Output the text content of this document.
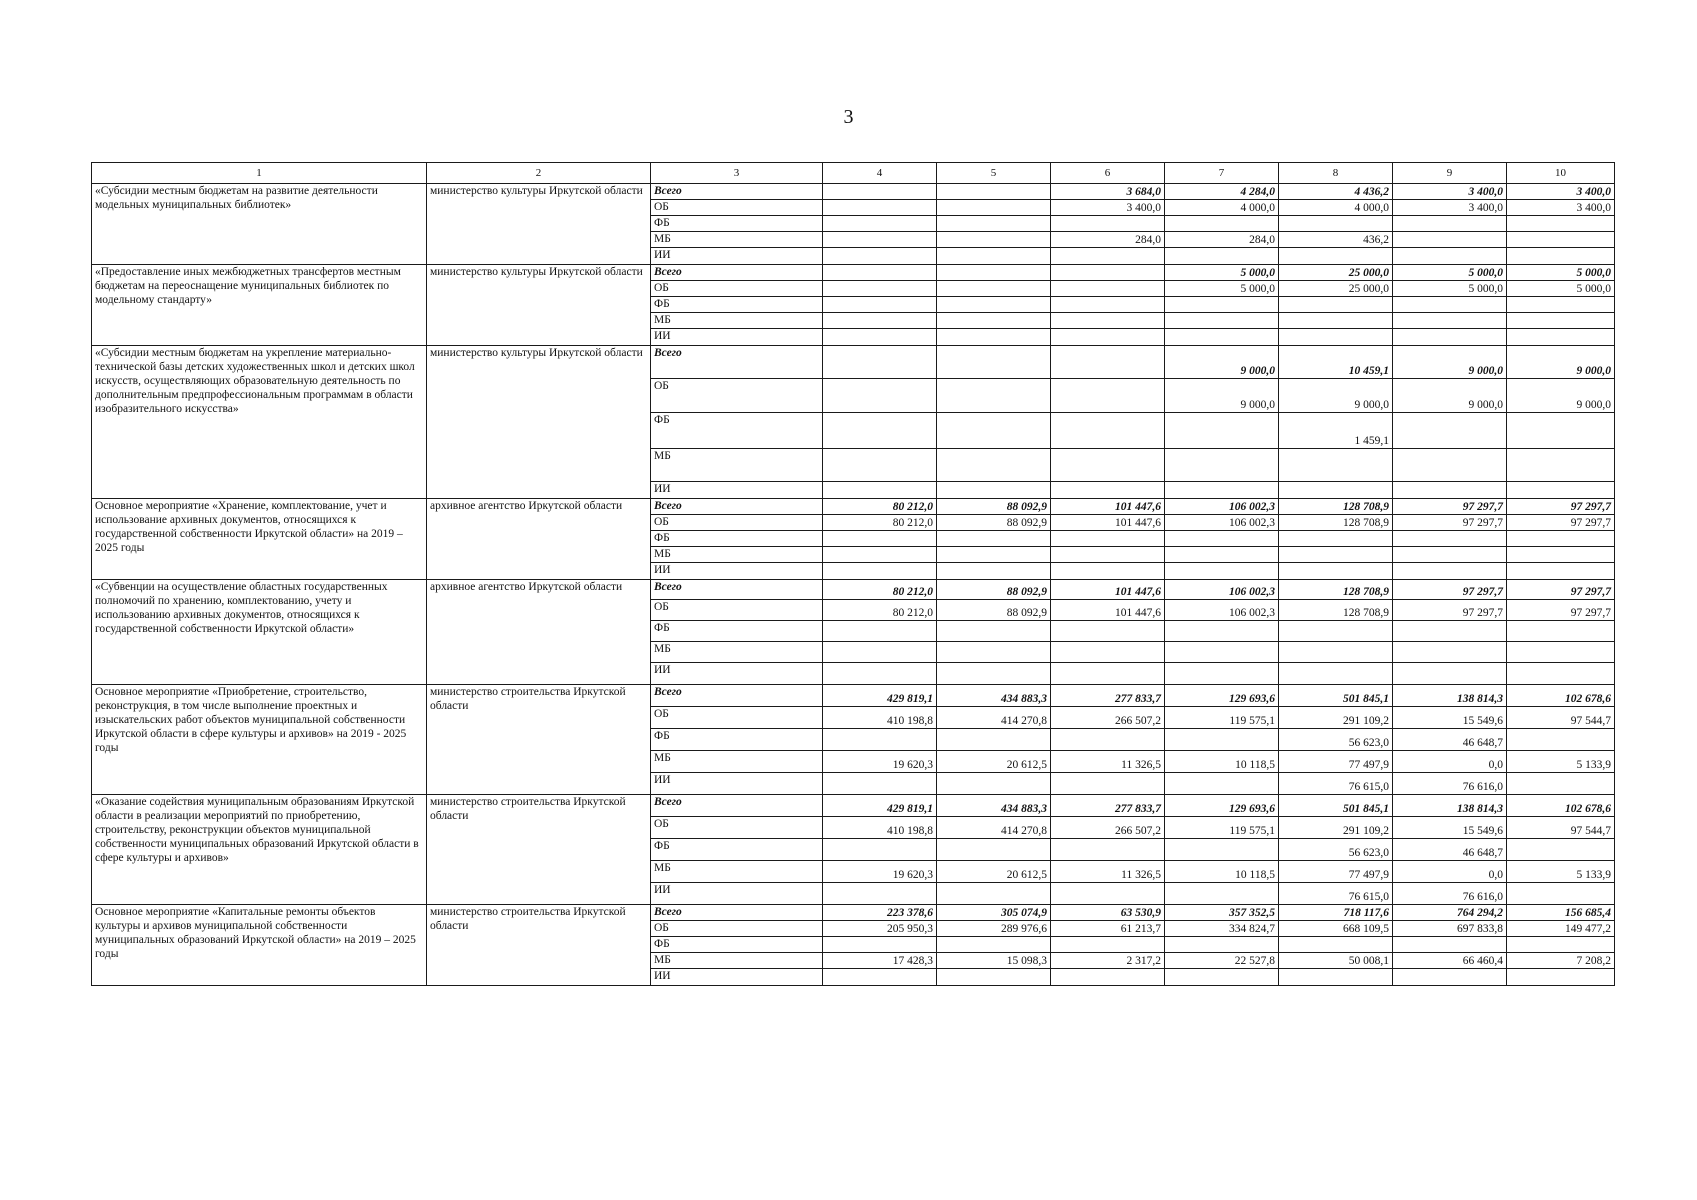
3
1	2	3	4	5	6	7	8	9	10
«Субсидии местным бюджетам на развитие деятельности модельных муниципальных библиотек»	министерство культуры Иркутской области	Всего			3 684,0	4 284,0	4 436,2	3 400,0	3 400,0
		ОБ			3 400,0	4 000,0	4 000,0	3 400,0	3 400,0
		ФБ							
		МБ			284,0	284,0	436,2		
		ИИ							
«Предоставление иных межбюджетных трансфертов местным бюджетам на переоснащение муниципальных библиотек по модельному стандарту»	министерство культуры Иркутской области	Всего				5 000,0	25 000,0	5 000,0	5 000,0
		ОБ				5 000,0	25 000,0	5 000,0	5 000,0
		ФБ							
		МБ							
		ИИ							
«Субсидии местным бюджетам на укрепление материально-технической базы детских художественных школ и детских школ искусств, осуществляющих образовательную деятельность по дополнительным предпрофессиональным программам в области изобразительного искусства»	министерство культуры Иркутской области	Всего				9 000,0	10 459,1	9 000,0	9 000,0
		ОБ				9 000,0	9 000,0	9 000,0	9 000,0
		ФБ					1 459,1		
		МБ							
		ИИ							
Основное мероприятие «Хранение, комплектование, учет и использование архивных документов, относящихся к государственной собственности Иркутской области» на 2019 – 2025 годы	архивное агентство Иркутской области	Всего	80 212,0	88 092,9	101 447,6	106 002,3	128 708,9	97 297,7	97 297,7
		ОБ	80 212,0	88 092,9	101 447,6	106 002,3	128 708,9	97 297,7	97 297,7
		ФБ							
		МБ							
		ИИ							
«Субвенции на осуществление областных государственных полномочий по хранению, комплектованию, учету и использованию архивных документов, относящихся к государственной собственности Иркутской области»	архивное агентство Иркутской области	Всего	80 212,0	88 092,9	101 447,6	106 002,3	128 708,9	97 297,7	97 297,7
		ОБ	80 212,0	88 092,9	101 447,6	106 002,3	128 708,9	97 297,7	97 297,7
		ФБ							
		МБ							
		ИИ							
Основное мероприятие «Приобретение, строительство, реконструкция, в том числе выполнение проектных и изыскательских работ объектов муниципальной собственности Иркутской области в сфере культуры и архивов» на 2019 - 2025 годы	министерство строительства Иркутской области	Всего	429 819,1	434 883,3	277 833,7	129 693,6	501 845,1	138 814,3	102 678,6
		ОБ	410 198,8	414 270,8	266 507,2	119 575,1	291 109,2	15 549,6	97 544,7
		ФБ					56 623,0	46 648,7	
		МБ	19 620,3	20 612,5	11 326,5	10 118,5	77 497,9	0,0	5 133,9
		ИИ					76 615,0	76 616,0	
«Оказание содействия муниципальным образованиям Иркутской области в реализации мероприятий по приобретению, строительству, реконструкции объектов муниципальной собственности муниципальных образований Иркутской области в сфере культуры и архивов»	министерство строительства Иркутской области	Всего	429 819,1	434 883,3	277 833,7	129 693,6	501 845,1	138 814,3	102 678,6
		ОБ	410 198,8	414 270,8	266 507,2	119 575,1	291 109,2	15 549,6	97 544,7
		ФБ					56 623,0	46 648,7	
		МБ	19 620,3	20 612,5	11 326,5	10 118,5	77 497,9	0,0	5 133,9
		ИИ					76 615,0	76 616,0	
Основное мероприятие «Капитальные ремонты объектов культуры и архивов муниципальной собственности муниципальных образований Иркутской области» на 2019 – 2025 годы	министерство строительства Иркутской области	Всего	223 378,6	305 074,9	63 530,9	357 352,5	718 117,6	764 294,2	156 685,4
		ОБ	205 950,3	289 976,6	61 213,7	334 824,7	668 109,5	697 833,8	149 477,2
		ФБ							
		МБ	17 428,3	15 098,3	2 317,2	22 527,8	50 008,1	66 460,4	7 208,2
		ИИ							
